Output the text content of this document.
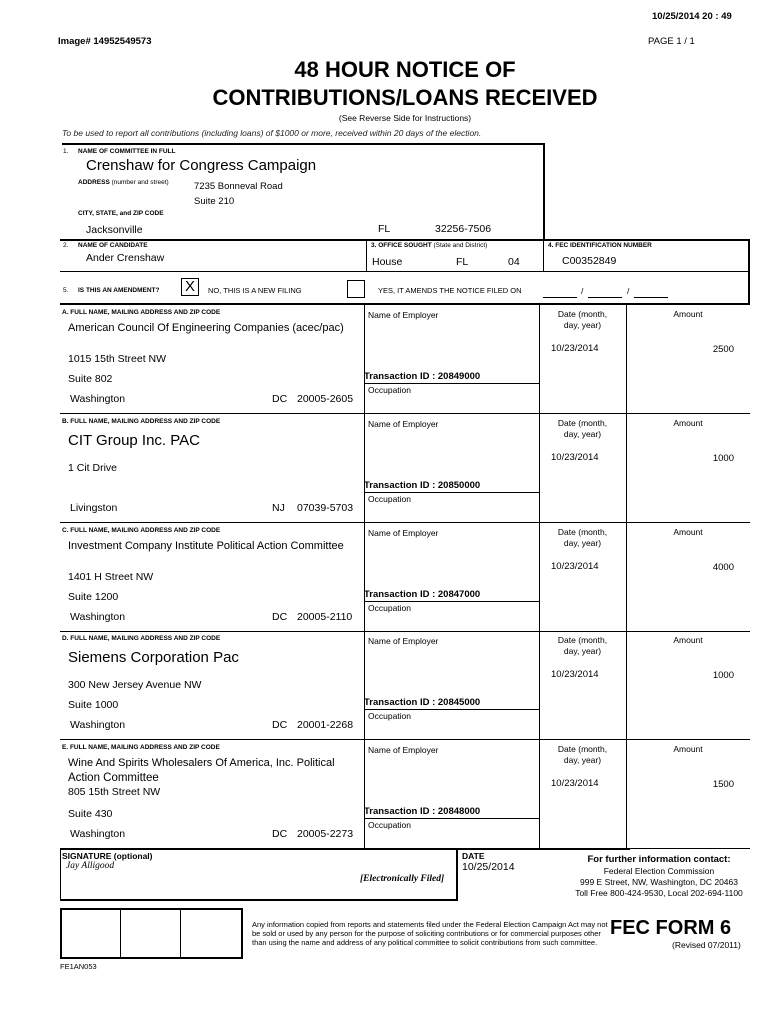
10/25/2014 20 : 49
Image# 14952549573	PAGE 1 / 1
48 HOUR NOTICE OF
CONTRIBUTIONS/LOANS RECEIVED
(See Reverse Side for Instructions)
To be used to report all contributions (including loans) of $1000 or more, received within 20 days of the election.
1. NAME OF COMMITTEE IN FULL
Crenshaw for Congress Campaign
ADDRESS (number and street)	7235 Bonneval Road
Suite 210
CITY, STATE, and ZIP CODE
Jacksonville	FL	32256-7506
2. NAME OF CANDIDATE
Ander Crenshaw
3. OFFICE SOUGHT (State and District)
House	FL	04
4. FEC IDENTIFICATION NUMBER
C00352849
5. IS THIS AN AMENDMENT? X	NO, THIS IS A NEW FILING	YES, IT AMENDS THE NOTICE FILED ON	/	/
A. FULL NAME, MAILING ADDRESS AND ZIP CODE
American Council Of Engineering Companies (acec/pac)
1015 15th Street NW
Suite 802
Washington	DC 20005-2605
Name of Employer
Transaction ID : 20849000
Occupation
Date (month,
day, year)
10/23/2014
Amount
2500
B. FULL NAME, MAILING ADDRESS AND ZIP CODE
CIT Group Inc. PAC
1 Cit Drive
Livingston	NJ 07039-5703
Name of Employer
Transaction ID : 20850000
Occupation
Date (month,
day, year)
10/23/2014
Amount
1000
C. FULL NAME, MAILING ADDRESS AND ZIP CODE
Investment Company Institute Political Action Committee
1401 H Street NW
Suite 1200
Washington	DC 20005-2110
Name of Employer
Transaction ID : 20847000
Occupation
Date (month,
day, year)
10/23/2014
Amount
4000
D. FULL NAME, MAILING ADDRESS AND ZIP CODE
Siemens Corporation Pac
300 New Jersey Avenue NW
Suite 1000
Washington	DC 20001-2268
Name of Employer
Transaction ID : 20845000
Occupation
Date (month,
day, year)
10/23/2014
Amount
1000
E. FULL NAME, MAILING ADDRESS AND ZIP CODE
Wine And Spirits Wholesalers Of America, Inc. Political
Action Committee
805 15th Street NW
Suite 430
Washington	DC 20005-2273
Name of Employer
Transaction ID : 20848000
Occupation
Date (month,
day, year)
10/23/2014
Amount
1500
SIGNATURE (optional)
Jay Alligood
[Electronically Filed]
DATE
10/25/2014
For further information contact:
Federal Election Commission
999 E Street, NW, Washington, DC 20463
Toll Free 800-424-9530, Local 202-694-1100
Any information copied from reports and statements filed under the Federal Election Campaign Act may not
be sold or used by any person for the purpose of soliciting contributions or for commercial purposes other
than using the name and address of any political committee to solicit contributions from such committee.
FEC FORM 6
(Revised 07/2011)
FE1AN053
